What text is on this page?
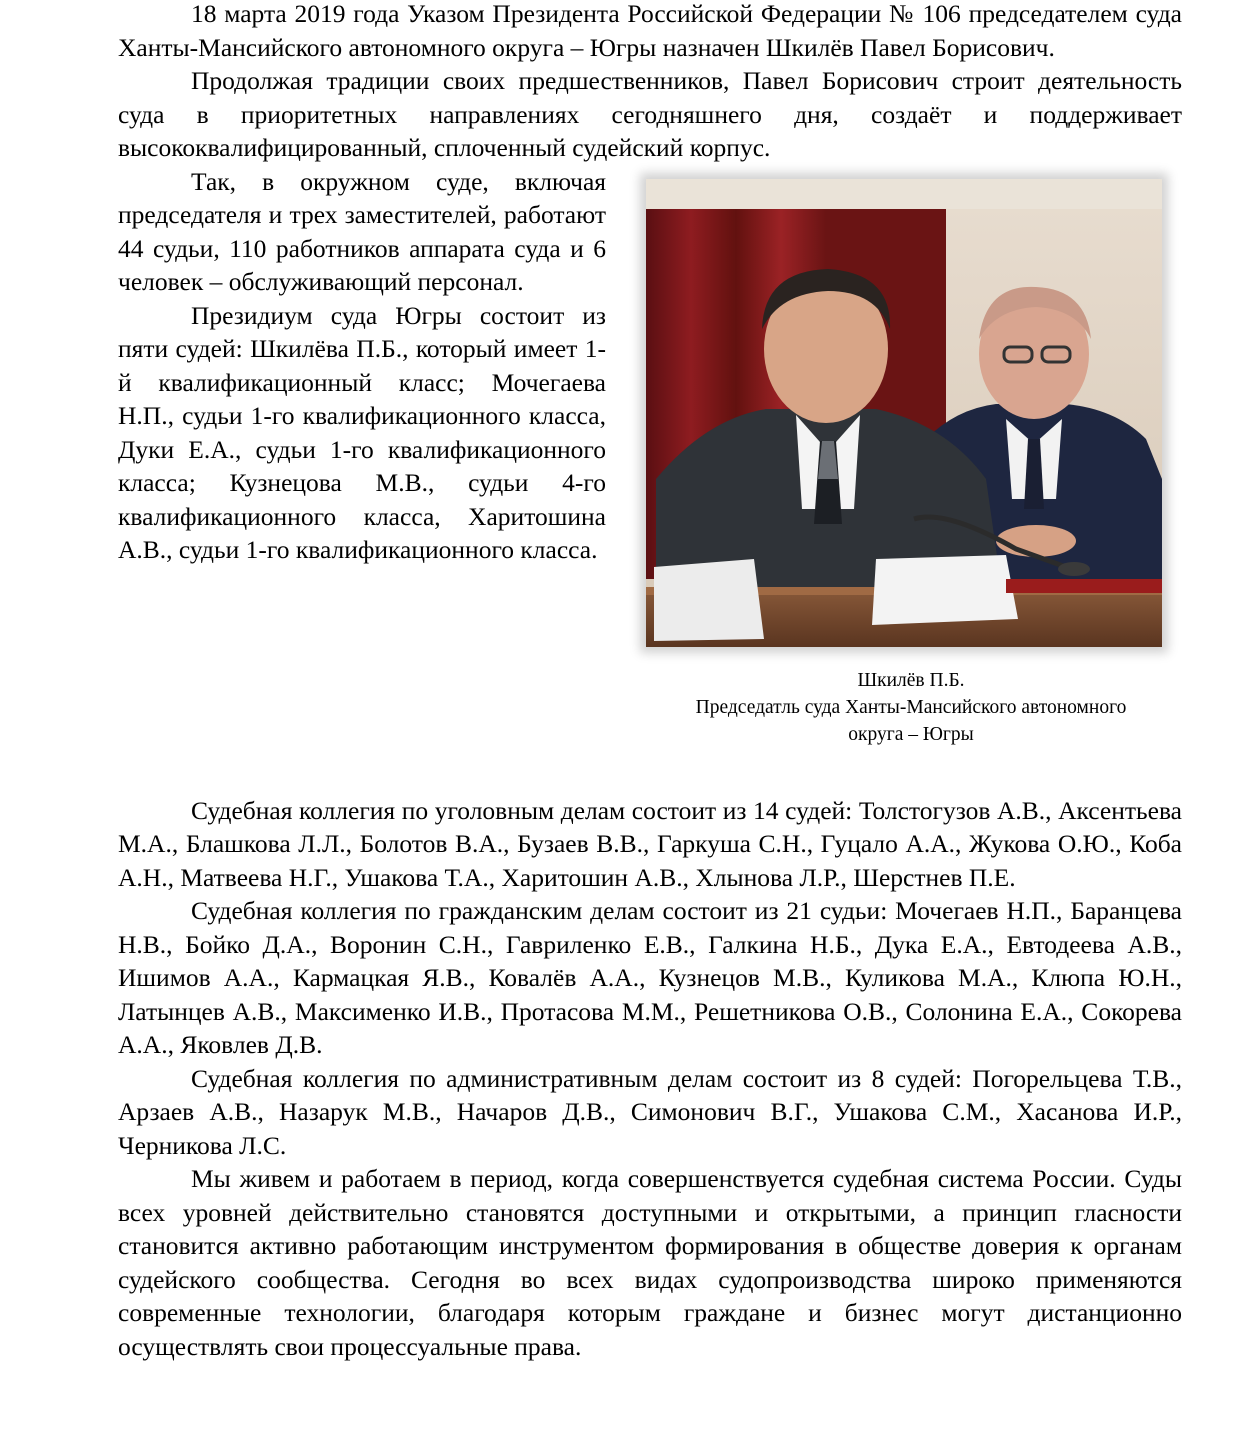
18 марта 2019 года Указом Президента Российской Федерации № 106 председателем суда Ханты-Мансийского автономного округа – Югры назначен Шкилёв Павел Борисович.

Продолжая традиции своих предшественников, Павел Борисович строит деятельность суда в приоритетных направлениях сегодняшнего дня, создаёт и поддерживает высококвалифицированный, сплоченный судейский корпус.

Так, в окружном суде, включая председателя и трех заместителей, работают 44 судьи, 110 работников аппарата суда и 6 человек – обслуживающий персонал.

Президиум суда Югры состоит из пяти судей: Шкилёва П.Б., который имеет 1-й квалификационный класс; Мочегаева Н.П., судьи 1-го квалификационного класса, Дуки Е.А., судьи 1-го квалификационного класса; Кузнецова М.В., судьи 4-го квалификационного класса, Харитошина А.В., судьи 1-го квалификационного класса.

Шкилёв П.Б.
Председатль суда Ханты-Мансийского автономного
округа – Югры

Судебная коллегия по уголовным делам состоит из 14 судей: Толстогузов А.В., Аксентьева М.А., Блашкова Л.Л., Болотов В.А., Бузаев В.В., Гаркуша С.Н., Гуцало А.А., Жукова О.Ю., Коба А.Н., Матвеева Н.Г., Ушакова Т.А., Харитошин А.В., Хлынова Л.Р., Шерстнев П.Е.

Судебная коллегия по гражданским делам состоит из 21 судьи: Мочегаев Н.П., Баранцева Н.В., Бойко Д.А., Воронин С.Н., Гавриленко Е.В., Галкина Н.Б., Дука Е.А., Евтодеева А.В., Ишимов А.А., Кармацкая Я.В., Ковалёв А.А., Кузнецов М.В., Куликова М.А., Клюпа Ю.Н., Латынцев А.В., Максименко И.В., Протасова М.М., Решетникова О.В., Солонина Е.А., Сокорева А.А., Яковлев Д.В.

Судебная коллегия по административным делам состоит из 8 судей: Погорельцева Т.В., Арзаев А.В., Назарук М.В., Начаров Д.В., Симонович В.Г., Ушакова С.М., Хасанова И.Р., Черникова Л.С.

Мы живем и работаем в период, когда совершенствуется судебная система России. Суды всех уровней действительно становятся доступными и открытыми, а принцип гласности становится активно работающим инструментом формирования в обществе доверия к органам судейского сообщества. Сегодня во всех видах судопроизводства широко применяются современные технологии, благодаря которым граждане и бизнес могут дистанционно осуществлять свои процессуальные права.
